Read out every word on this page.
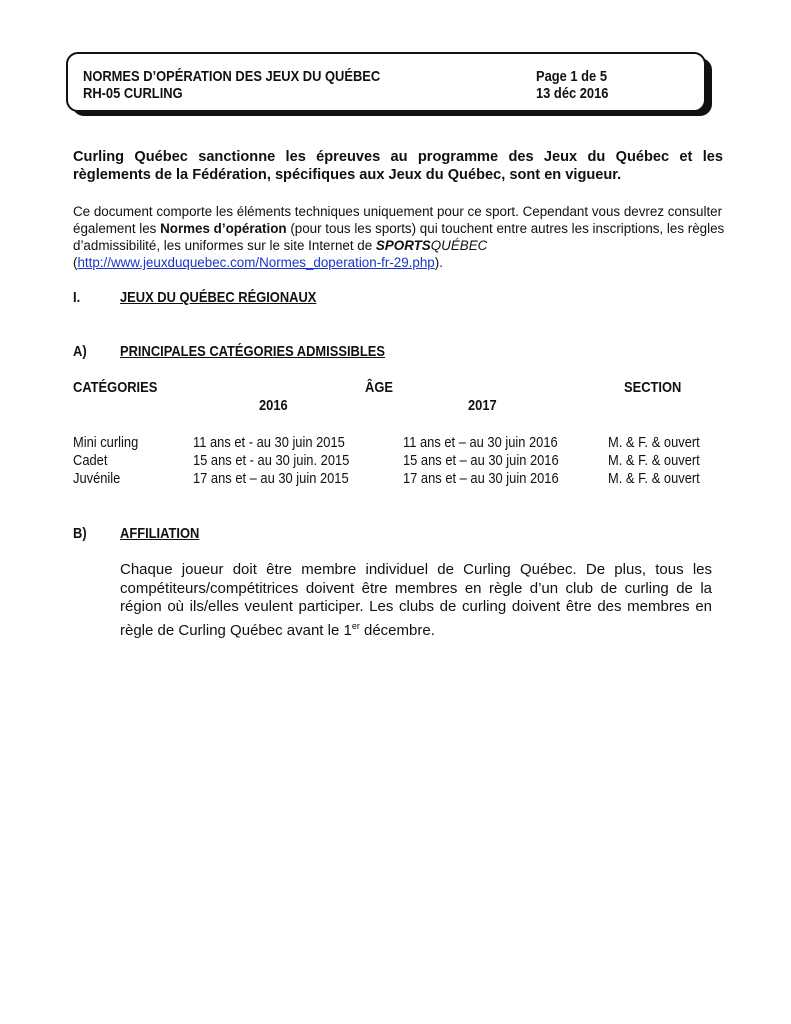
NORMES D’OPÉRATION DES JEUX DU QUÉBEC
RH-05 CURLING
Page 1 de 5
13 déc 2016
Curling Québec sanctionne les épreuves au programme des Jeux du Québec et les règlements de la Fédération, spécifiques aux Jeux du Québec, sont en vigueur.
Ce document comporte les éléments techniques uniquement pour ce sport. Cependant vous devrez consulter également les Normes d’opération (pour tous les sports) qui touchent entre autres les inscriptions, les règles d’admissibilité, les uniformes sur le site Internet de SPORTSQUÉBEC (http://www.jeuxduquebec.com/Normes_doperation-fr-29.php).
I.	JEUX DU QUÉBEC RÉGIONAUX
A) PRINCIPALES CATÉGORIES ADMISSIBLES
CATÉGORIES	ÂGE	SECTION
2016	2017
Mini curling	11 ans et - au 30 juin 2015	11 ans et – au 30 juin 2016	M. & F. & ouvert
Cadet	15 ans et - au 30 juin. 2015	15 ans et – au 30 juin 2016	M. & F. & ouvert
Juvénile	17 ans et – au 30 juin 2015	17 ans et – au 30 juin 2016	M. & F. & ouvert
B) AFFILIATION
Chaque joueur doit être membre individuel de Curling Québec. De plus, tous les compétiteurs/compétitrices doivent être membres en règle d’un club de curling de la région où ils/elles veulent participer. Les clubs de curling doivent être des membres en règle de Curling Québec avant le 1er décembre.
